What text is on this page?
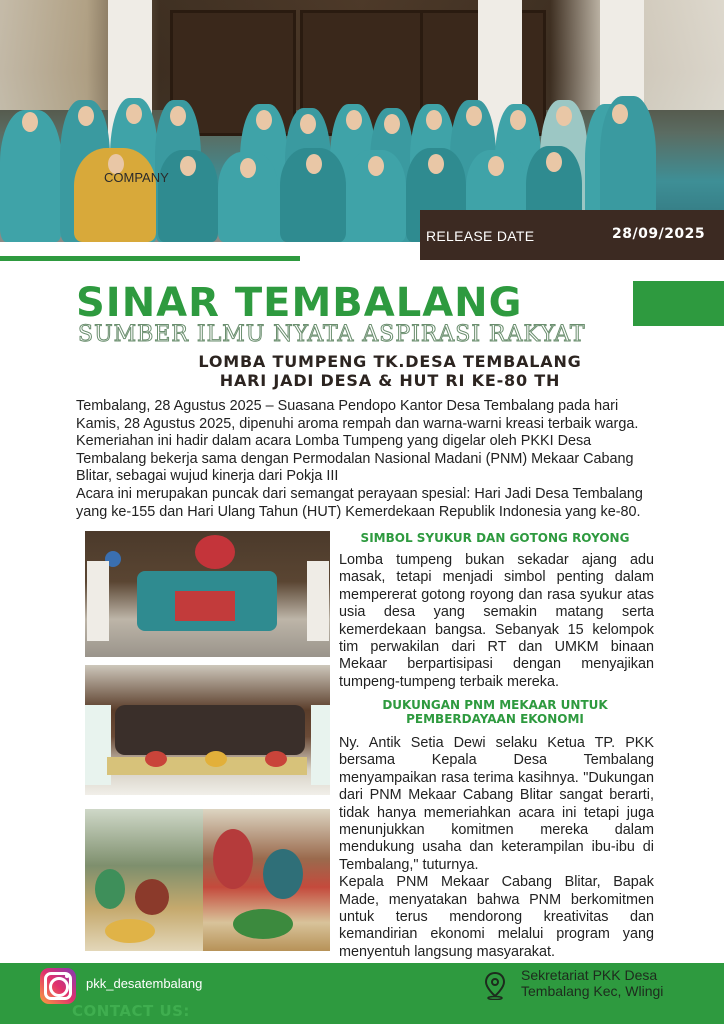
COMPANY
RELEASE DATE	28/09/2025
SINAR TEMBALANG
SUMBER ILMU NYATA ASPIRASI RAKYAT
LOMBA TUMPENG TK.DESA TEMBALANG
HARI JADI DESA & HUT RI KE-80 TH

Tembalang, 28 Agustus 2025 – Suasana Pendopo Kantor Desa Tembalang pada hari Kamis, 28 Agustus 2025, dipenuhi aroma rempah dan warna-warni kreasi terbaik warga. Kemeriahan ini hadir dalam acara Lomba Tumpeng yang digelar oleh PKKI Desa Tembalang bekerja sama dengan Permodalan Nasional Madani (PNM) Mekaar Cabang Blitar, sebagai wujud kinerja dari Pokja III

Acara ini merupakan puncak dari semangat perayaan spesial: Hari Jadi Desa Tembalang yang ke-155 dan Hari Ulang Tahun (HUT) Kemerdekaan Republik Indonesia yang ke-80.

SIMBOL SYUKUR DAN GOTONG ROYONG

Lomba tumpeng bukan sekadar ajang adu masak, tetapi menjadi simbol penting dalam mempererat gotong royong dan rasa syukur atas usia desa yang semakin matang serta kemerdekaan bangsa. Sebanyak 15 kelompok tim perwakilan dari RT dan UMKM binaan Mekaar berpartisipasi dengan menyajikan tumpeng-tumpeng terbaik mereka.

DUKUNGAN PNM MEKAAR UNTUK
PEMBERDAYAAN EKONOMI

Ny. Antik Setia Dewi selaku Ketua TP. PKK bersama Kepala Desa Tembalang menyampaikan rasa terima kasihnya. "Dukungan dari PNM Mekaar Cabang Blitar sangat berarti, tidak hanya memeriahkan acara ini tetapi juga menunjukkan komitmen mereka dalam mendukung usaha dan keterampilan ibu-ibu di Tembalang," tuturnya.

Kepala PNM Mekaar Cabang Blitar, Bapak Made, menyatakan bahwa PNM berkomitmen untuk terus mendorong kreativitas dan kemandirian ekonomi melalui program yang menyentuh langsung masyarakat.

pkk_desatembalang
CONTACT US:
Sekretariat PKK Desa
Tembalang Kec, Wlingi
